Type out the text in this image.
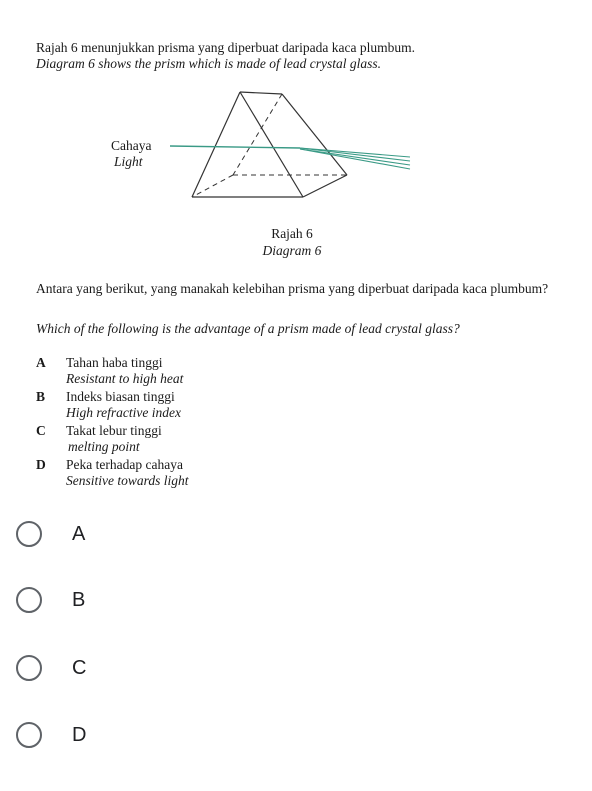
Rajah 6 menunjukkan prisma yang diperbuat daripada kaca plumbum.
Diagram 6 shows the prism which is made of lead crystal glass.
Cahaya
Light
Rajah 6
Diagram 6
Antara yang berikut, yang manakah kelebihan prisma yang diperbuat daripada kaca plumbum?
Which of the following is the advantage of a prism made of lead crystal glass?
A	Tahan haba tinggi
Resistant to high heat
B	Indeks biasan tinggi
High refractive index
C	Takat lebur tinggi
melting point
D	Peka terhadap cahaya
Sensitive towards light
A
B
C
D
